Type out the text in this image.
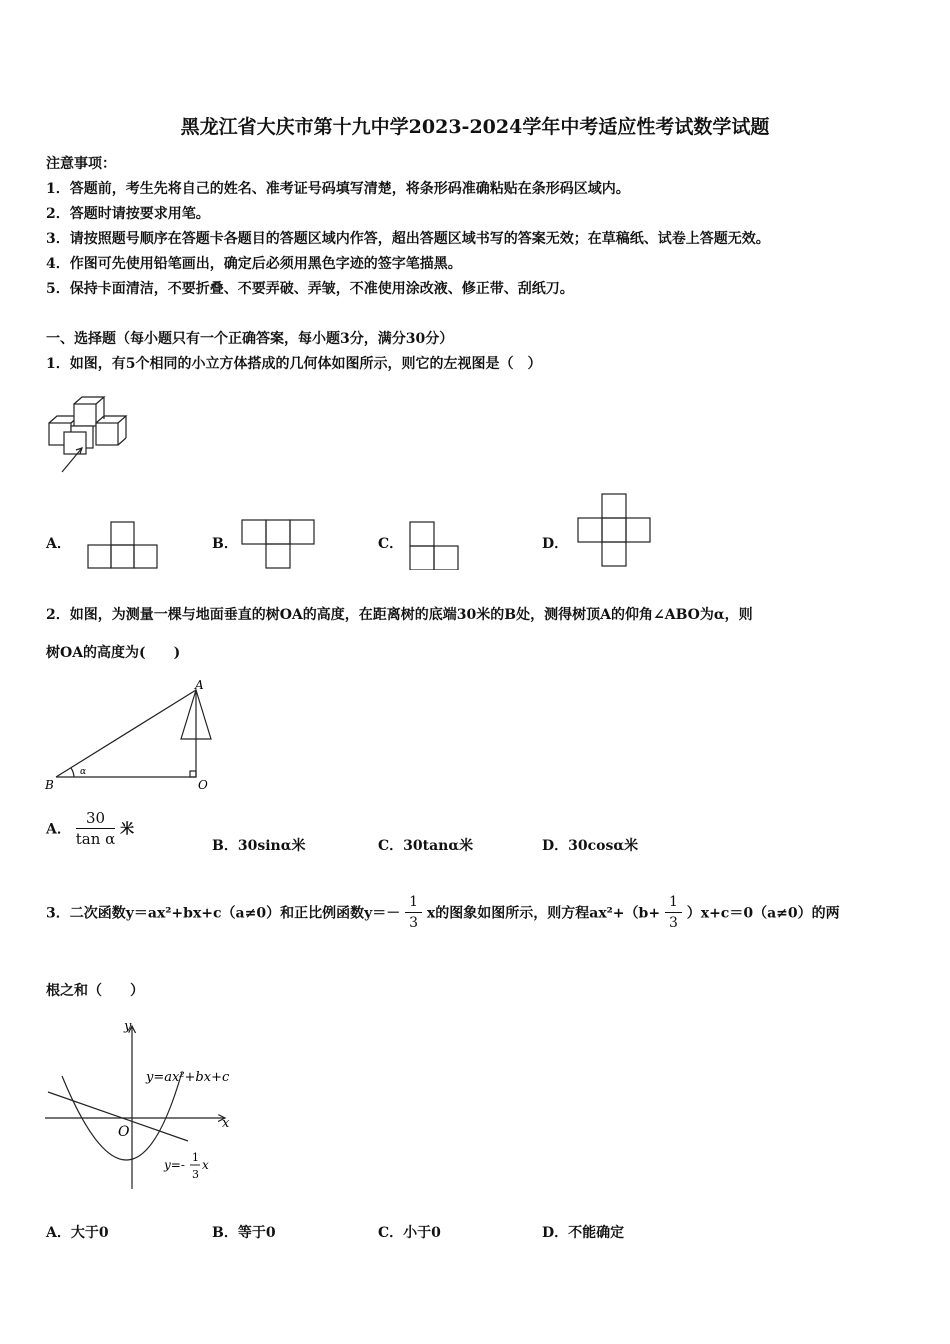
黑龙江省大庆市第十九中学2023-2024学年中考适应性考试数学试题
注意事项：
1．答题前，考生先将自己的姓名、准考证号码填写清楚，将条形码准确粘贴在条形码区域内。
2．答题时请按要求用笔。
3．请按照题号顺序在答题卡各题目的答题区域内作答，超出答题区域书写的答案无效；在草稿纸、试卷上答题无效。
4．作图可先使用铅笔画出，确定后必须用黑色字迹的签字笔描黑。
5．保持卡面清洁，不要折叠、不要弄破、弄皱，不准使用涂改液、修正带、刮纸刀。
一、选择题（每小题只有一个正确答案，每小题3分，满分30分）
1．如图，有5个相同的小立方体搭成的几何体如图所示，则它的左视图是（　）
A．	B．	C．	D．
2．如图，为测量一棵与地面垂直的树OA的高度，在距离树的底端30米的B处，测得树顶A的仰角∠ABO为α，则
树OA的高度为(　　)
A
B	O
α
A． $\frac{30}{\text{tan α}}$ 米
B．30sinα米	C．30tanα米	D．30cosα米
3．二次函数y＝ax²+bx+c（a≠0）和正比例函数$y=- \frac{1}{3}$ x的图象如图所示，则方程$ax^2+(b+ \frac{1}{3} )x+c=0(a\ne 0)$的两
根之和（　　）
y
x
O
y=ax²+bx+c
y=-
1
3
x
A．大于0	B．等于0	C．小于0	D．不能确定
